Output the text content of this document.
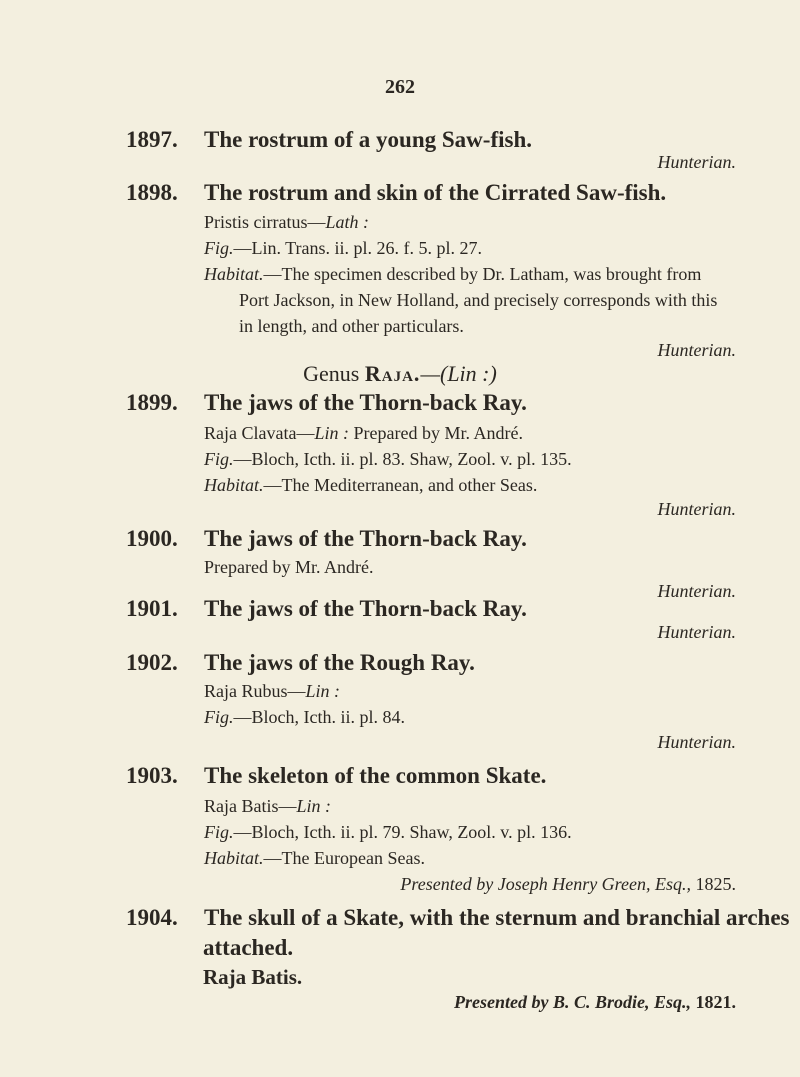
262
1897. The rostrum of a young Saw-fish.
Hunterian.
1898. The rostrum and skin of the Cirrated Saw-fish.
Pristis cirratus—Lath :
Fig.—Lin. Trans. ii. pl. 26. f. 5. pl. 27.
Habitat.—The specimen described by Dr. Latham, was brought from
Port Jackson, in New Holland, and precisely corresponds with this
in length, and other particulars.
Hunterian.
Genus Raja.—(Lin :)
1899. The jaws of the Thorn-back Ray.
Raja Clavata—Lin : Prepared by Mr. André.
Fig.—Bloch, Icth. ii. pl. 83. Shaw, Zool. v. pl. 135.
Habitat.—The Mediterranean, and other Seas.
Hunterian.
1900. The jaws of the Thorn-back Ray.
Prepared by Mr. André.
Hunterian.
1901. The jaws of the Thorn-back Ray.
Hunterian.
1902. The jaws of the Rough Ray.
Raja Rubus—Lin :
Fig.—Bloch, Icth. ii. pl. 84.
Hunterian.
1903. The skeleton of the common Skate.
Raja Batis—Lin :
Fig.—Bloch, Icth. ii. pl. 79. Shaw, Zool. v. pl. 136.
Habitat.—The European Seas.
Presented by Joseph Henry Green, Esq., 1825.
1904. The skull of a Skate, with the sternum and branchial arches
attached.
Raja Batis.
Presented by B. C. Brodie, Esq., 1821.
